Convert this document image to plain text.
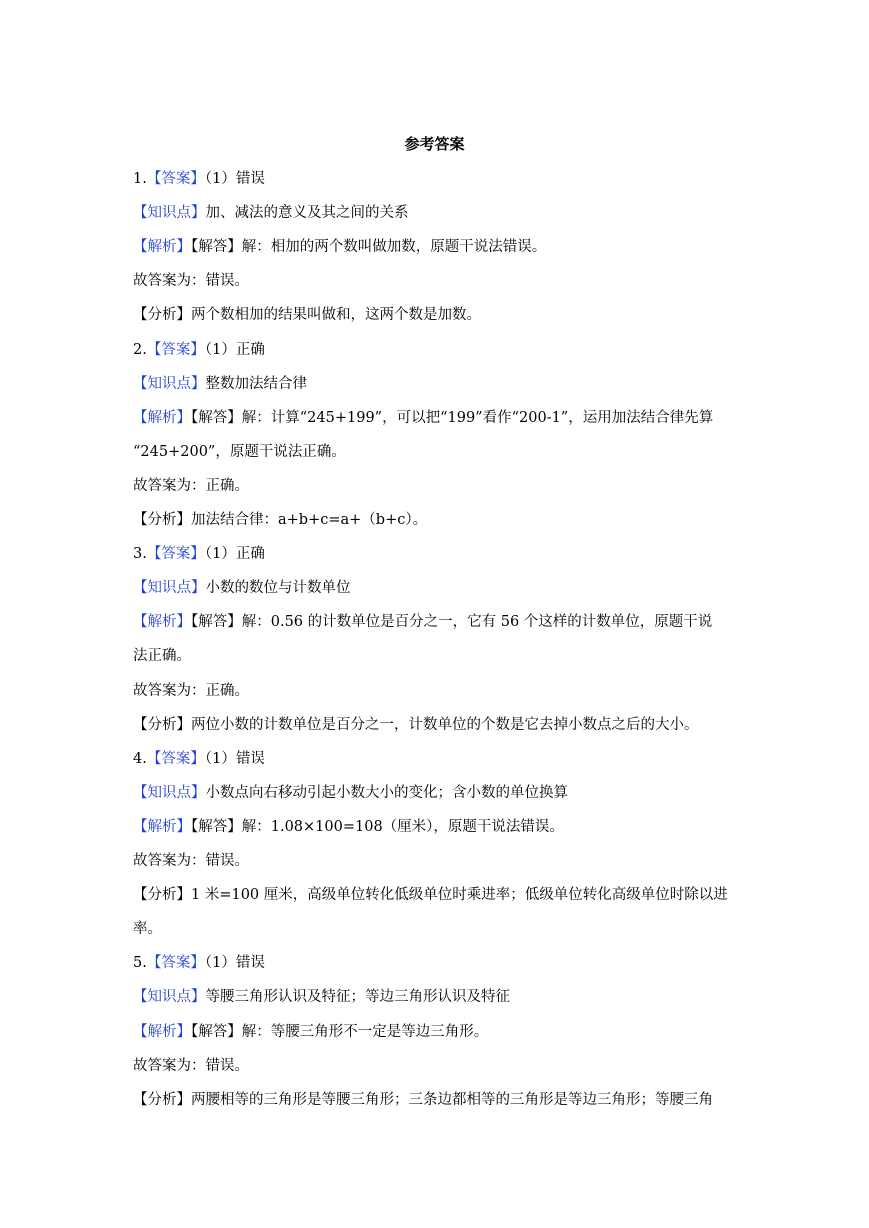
参考答案
1.【答案】（1）错误
【知识点】加、减法的意义及其之间的关系
【解析】【解答】解：相加的两个数叫做加数，原题干说法错误。
故答案为：错误。
【分析】两个数相加的结果叫做和，这两个数是加数。
2.【答案】（1）正确
【知识点】整数加法结合律
【解析】【解答】解：计算“245+199”，可以把“199”看作“200-1”，运用加法结合律先算
“245+200”，原题干说法正确。
故答案为：正确。
【分析】加法结合律：a+b+c=a+（b+c）。
3.【答案】（1）正确
【知识点】小数的数位与计数单位
【解析】【解答】解：0.56 的计数单位是百分之一，它有 56 个这样的计数单位，原题干说
法正确。
故答案为：正确。
【分析】两位小数的计数单位是百分之一，计数单位的个数是它去掉小数点之后的大小。
4.【答案】（1）错误
【知识点】小数点向右移动引起小数大小的变化；含小数的单位换算
【解析】【解答】解：1.08×100=108（厘米），原题干说法错误。
故答案为：错误。
【分析】1 米=100 厘米，高级单位转化低级单位时乘进率；低级单位转化高级单位时除以进
率。
5.【答案】（1）错误
【知识点】等腰三角形认识及特征；等边三角形认识及特征
【解析】【解答】解：等腰三角形不一定是等边三角形。
故答案为：错误。
【分析】两腰相等的三角形是等腰三角形；三条边都相等的三角形是等边三角形；等腰三角
